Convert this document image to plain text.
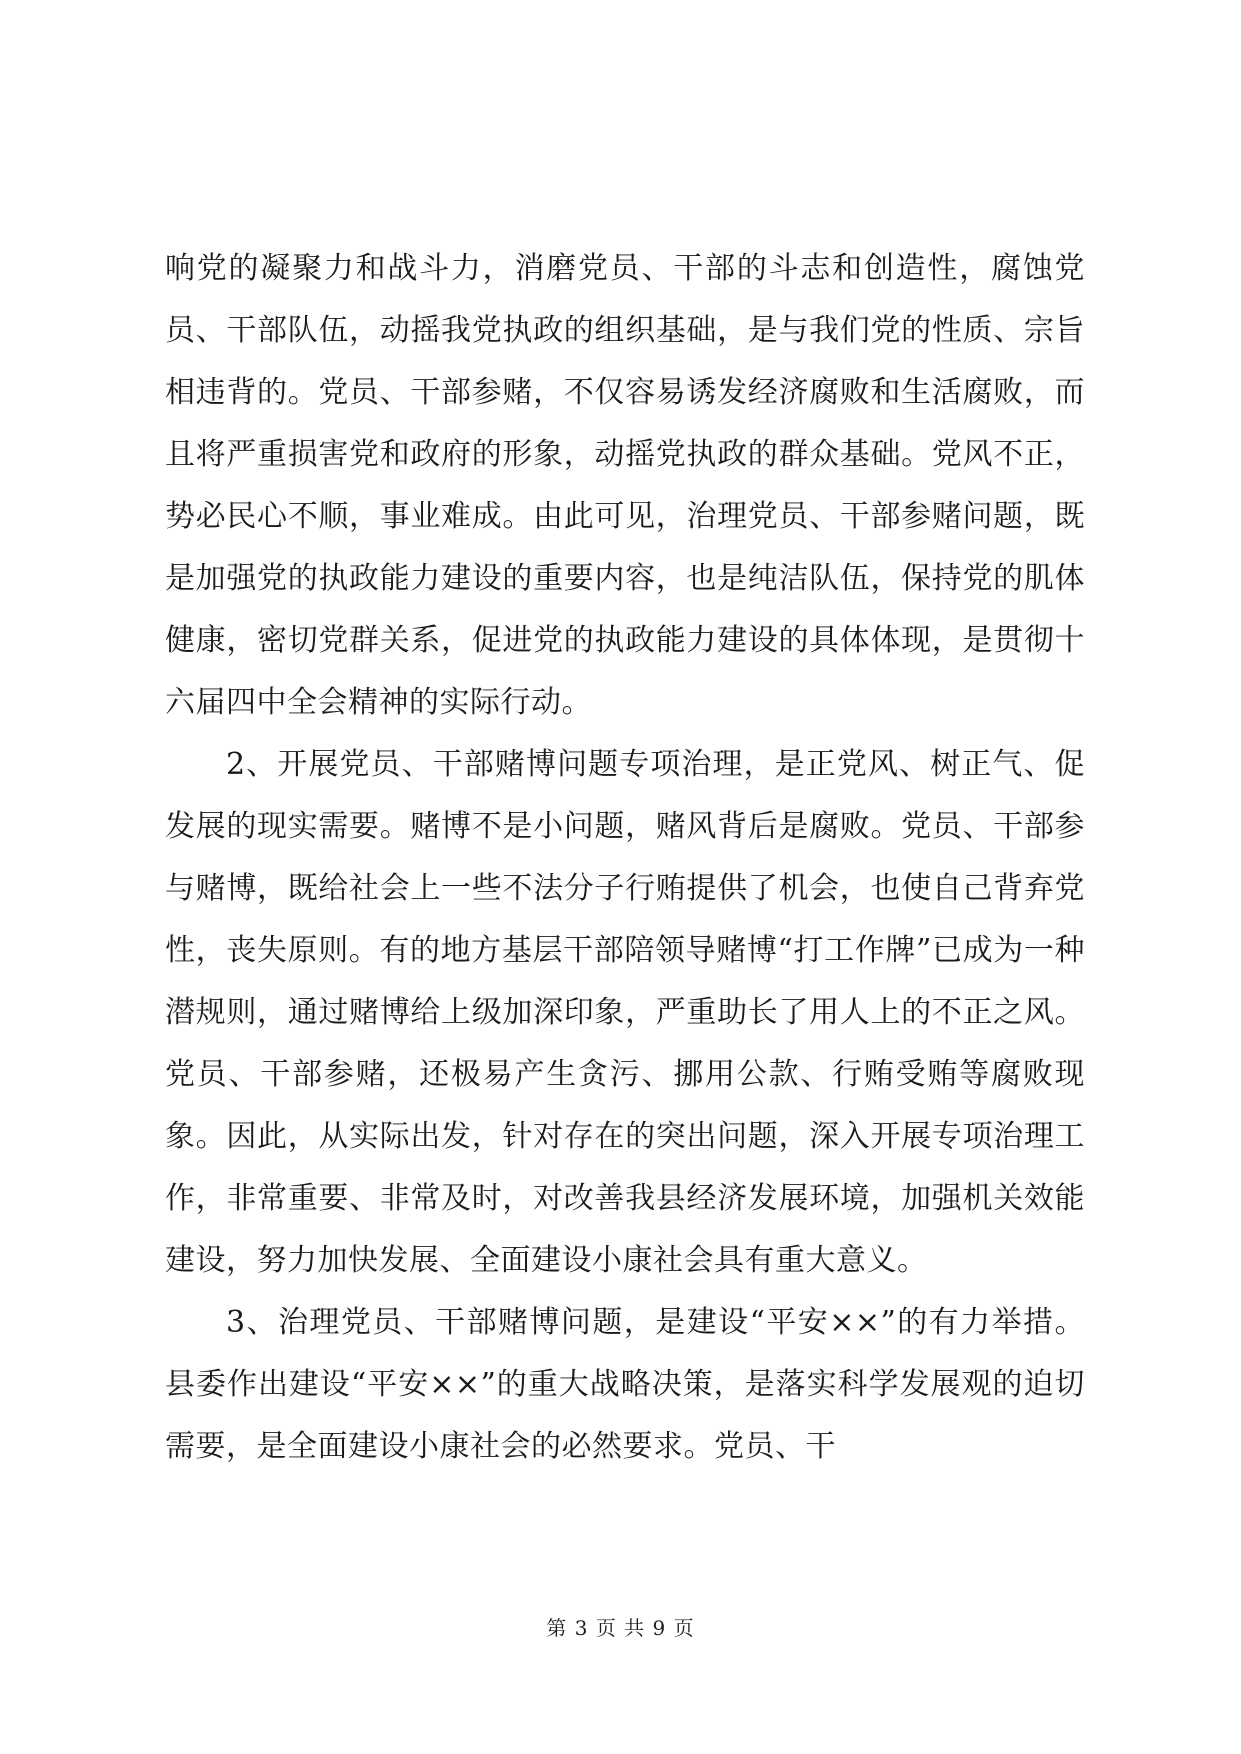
响党的凝聚力和战斗力，消磨党员、干部的斗志和创造性，腐蚀党员、干部队伍，动摇我党执政的组织基础，是与我们党的性质、宗旨相违背的。党员、干部参赌，不仅容易诱发经济腐败和生活腐败，而且将严重损害党和政府的形象，动摇党执政的群众基础。党风不正，势必民心不顺，事业难成。由此可见，治理党员、干部参赌问题，既是加强党的执政能力建设的重要内容，也是纯洁队伍，保持党的肌体健康，密切党群关系，促进党的执政能力建设的具体体现，是贯彻十六届四中全会精神的实际行动。

2、开展党员、干部赌博问题专项治理，是正党风、树正气、促发展的现实需要。赌博不是小问题，赌风背后是腐败。党员、干部参与赌博，既给社会上一些不法分子行贿提供了机会，也使自己背弃党性，丧失原则。有的地方基层干部陪领导赌博“打工作牌”已成为一种潜规则，通过赌博给上级加深印象，严重助长了用人上的不正之风。党员、干部参赌，还极易产生贪污、挪用公款、行贿受贿等腐败现象。因此，从实际出发，针对存在的突出问题，深入开展专项治理工作，非常重要、非常及时，对改善我县经济发展环境，加强机关效能建设，努力加快发展、全面建设小康社会具有重大意义。

3、治理党员、干部赌博问题，是建设“平安××”的有力举措。县委作出建设“平安××”的重大战略决策，是落实科学发展观的迫切需要，是全面建设小康社会的必然要求。党员、干

第 3 页 共 9 页
